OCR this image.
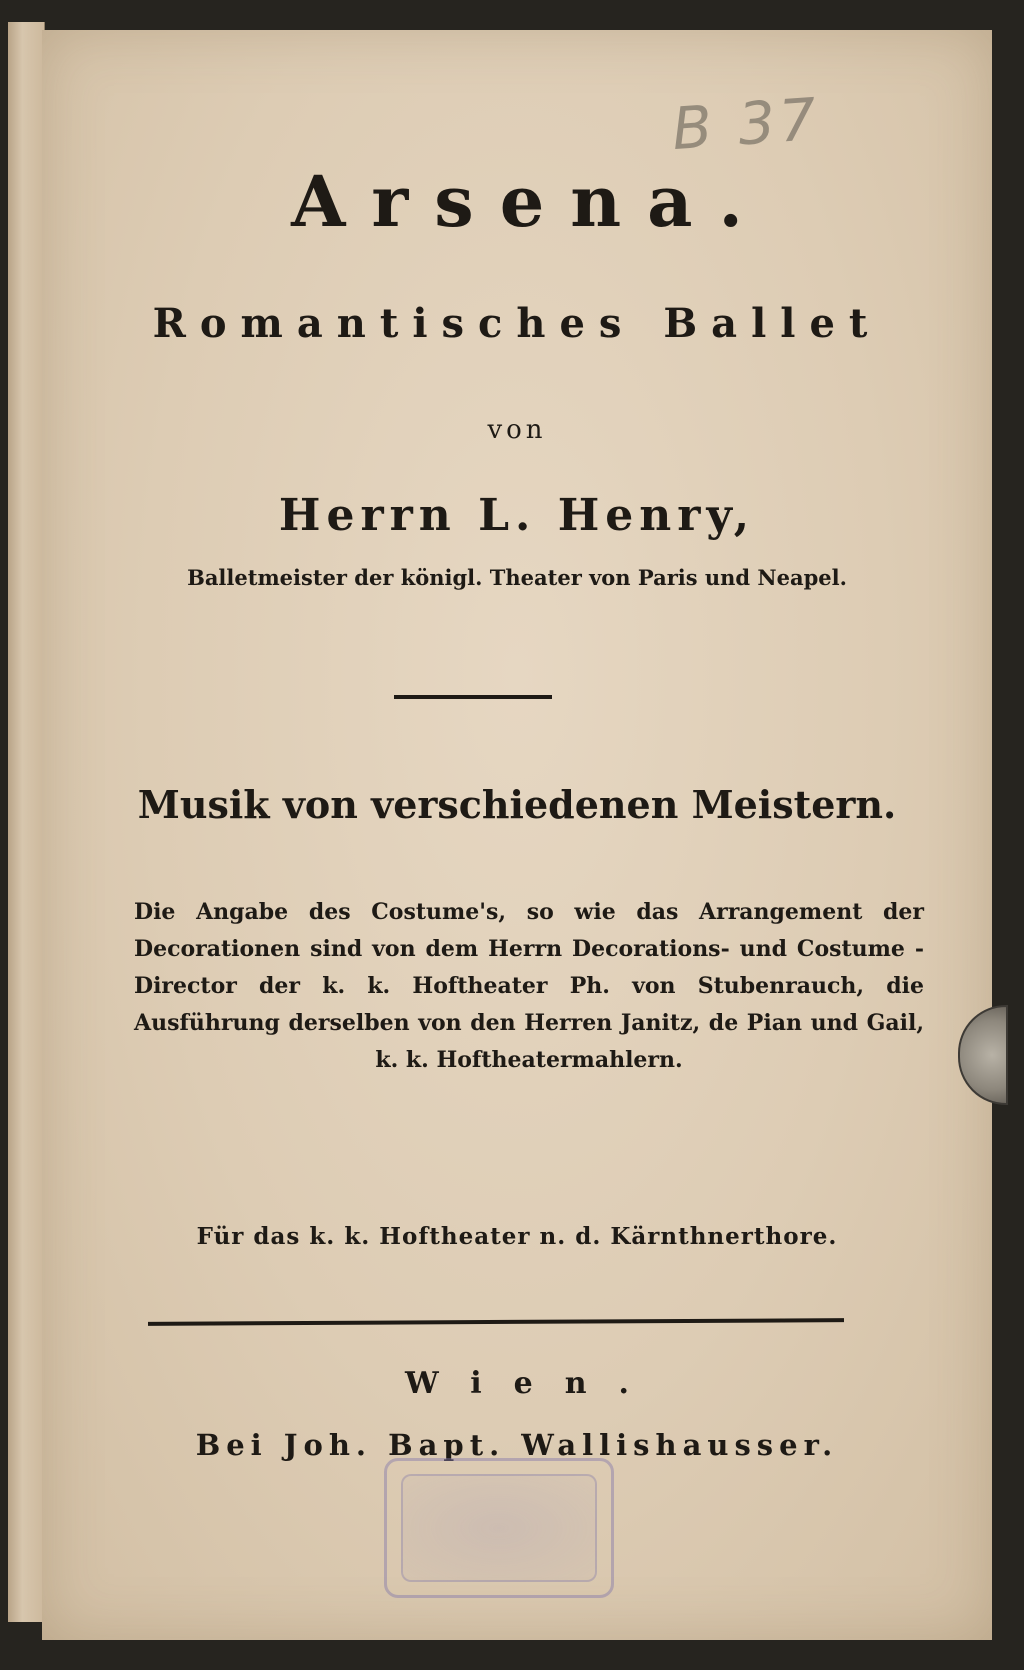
B 37
Arsena.
Romantisches Ballet
von
Herrn L. Henry,
Balletmeister der königl. Theater von Paris und Neapel.
Musik von verschiedenen Meistern.
Die Angabe des Costume's, so wie das Arrangement der Decorationen sind von dem Herrn Decorations- und Costume - Director der k. k. Hoftheater Ph. von Stubenrauch, die Ausführung derselben von den Herren Janitz, de Pian und Gail, k. k. Hoftheatermahlern.
Für das k. k. Hoftheater n. d. Kärnthnerthore.
Wien.
Bei Joh. Bapt. Wallishausser.
